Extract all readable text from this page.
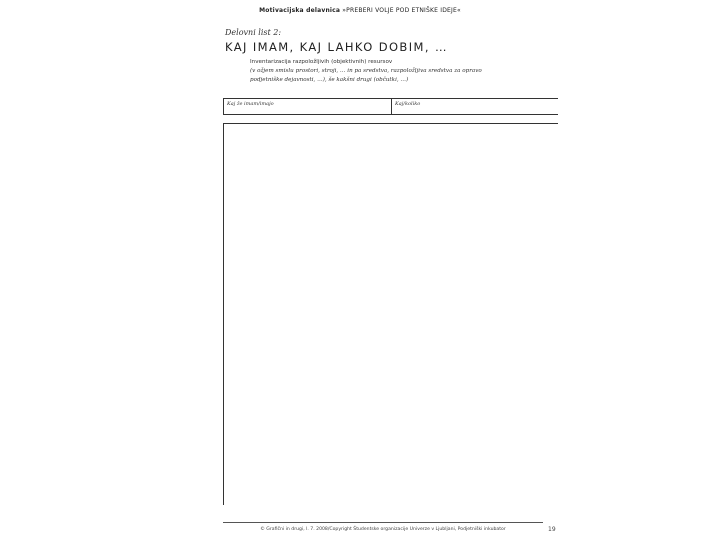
Motivacijska delavnica »PREBERI VOLJE POD ETNIŠKE IDEJE«
Delovni list 2:
KAJ IMAM, KAJ LAHKO DOBIM, …
Inventarizacija razpoložljivih (objektivnih) resursov
(v ožjem smislu prostori, stroji, … in pa sredstva, razpoložljiva sredstva za opravo
podjetniške dejavnosti, …), še kakšni drugi (občutki, …)
Kaj že imam/imajo	Kaj/koliko
© Grafični in drugi, l. 7. 2008/Copyright Študentske organizacije Univerze v Ljubljani, Podjetniški inkubator	19
